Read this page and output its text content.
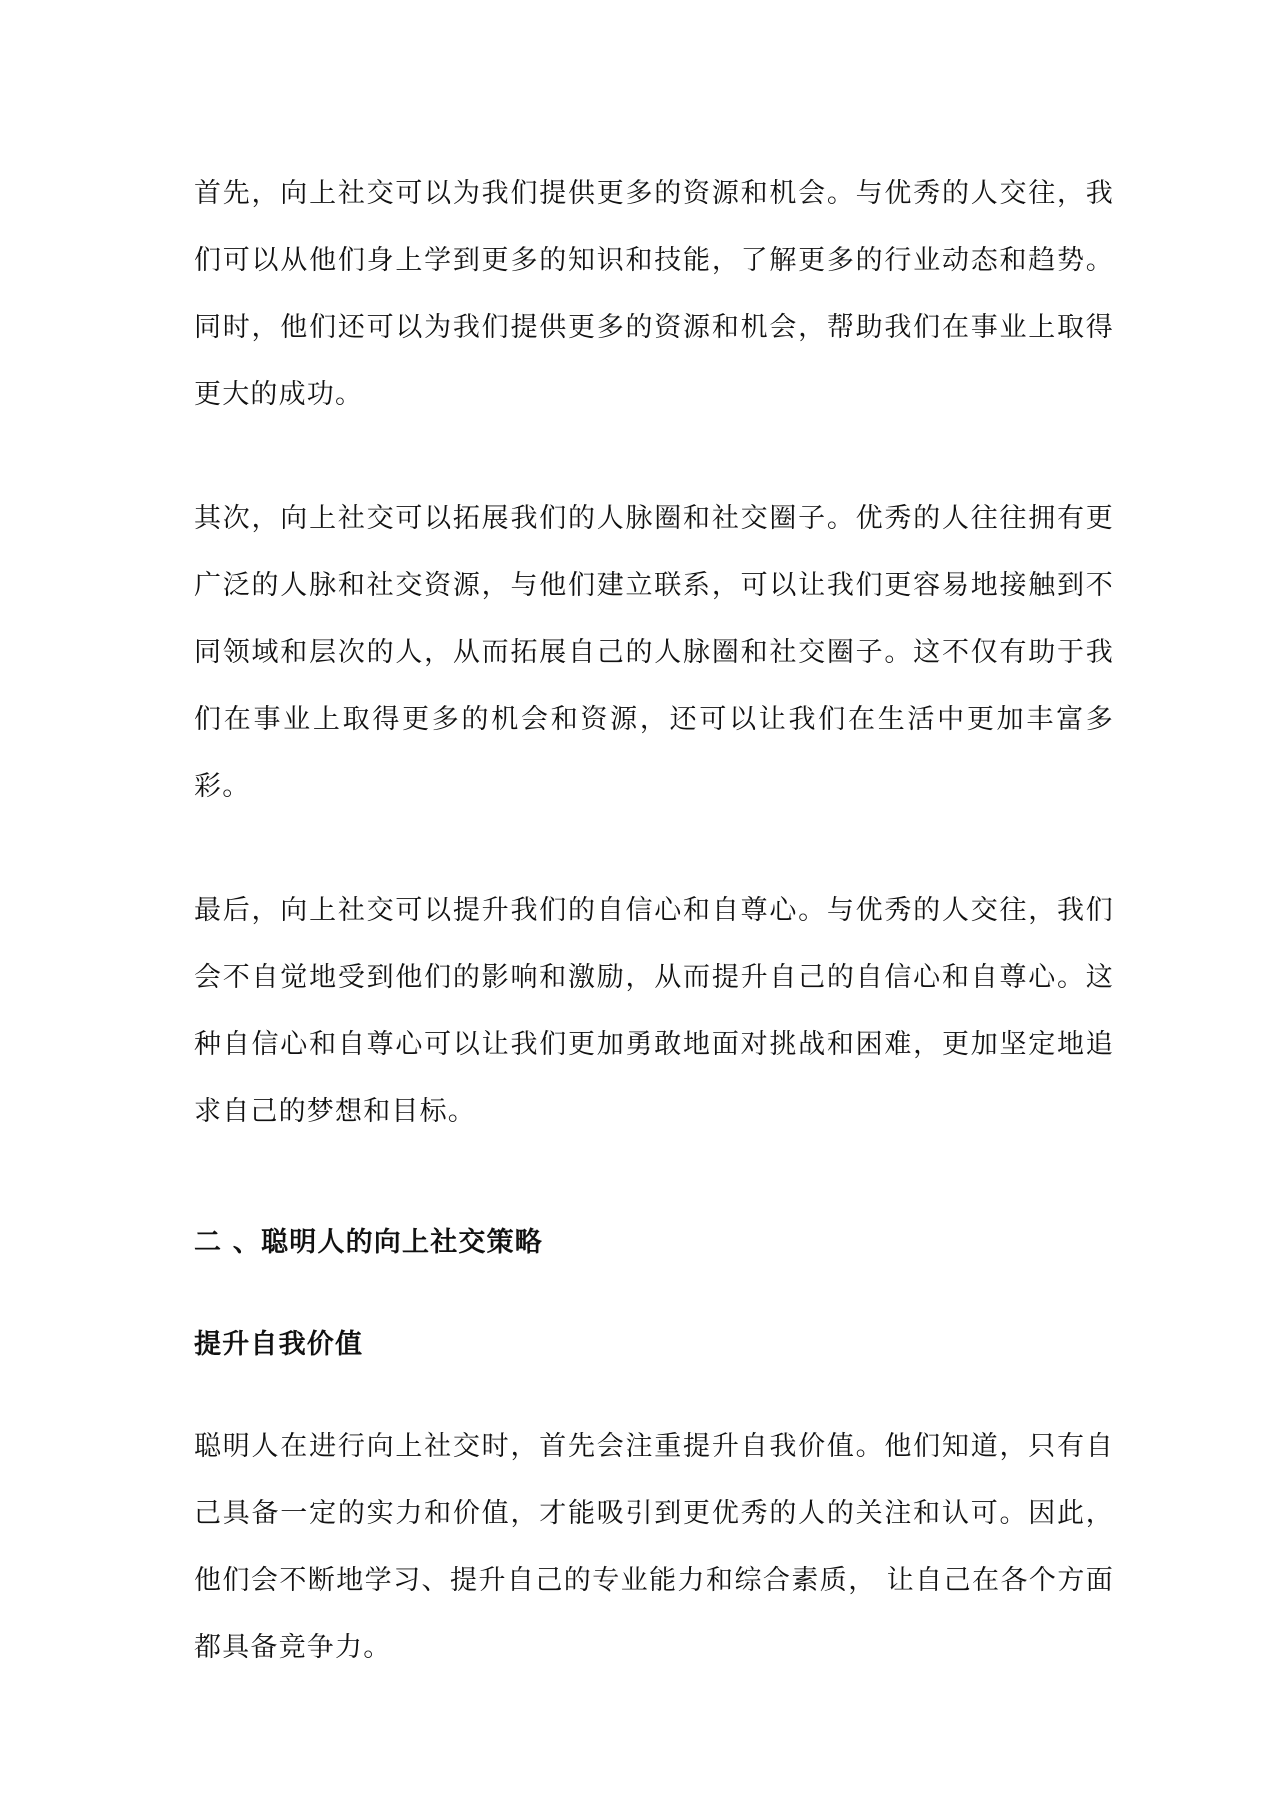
首先，向上社交可以为我们提供更多的资源和机会。与优秀的人交往，我们可以从他们身上学到更多的知识和技能，了解更多的行业动态和趋势。同时，他们还可以为我们提供更多的资源和机会，帮助我们在事业上取得更大的成功。

其次，向上社交可以拓展我们的人脉圈和社交圈子。优秀的人往往拥有更广泛的人脉和社交资源，与他们建立联系，可以让我们更容易地接触到不同领域和层次的人，从而拓展自己的人脉圈和社交圈子。这不仅有助于我们在事业上取得更多的机会和资源，还可以让我们在生活中更加丰富多彩。

最后，向上社交可以提升我们的自信心和自尊心。与优秀的人交往，我们会不自觉地受到他们的影响和激励，从而提升自己的自信心和自尊心。这种自信心和自尊心可以让我们更加勇敢地面对挑战和困难，更加坚定地追求自己的梦想和目标。

二 、聪明人的向上社交策略
提升自我价值

聪明人在进行向上社交时，首先会注重提升自我价值。他们知道，只有自己具备一定的实力和价值，才能吸引到更优秀的人的关注和认可。因此，他们会不断地学习、提升自己的专业能力和综合素质， 让自己在各个方面都具备竞争力。
